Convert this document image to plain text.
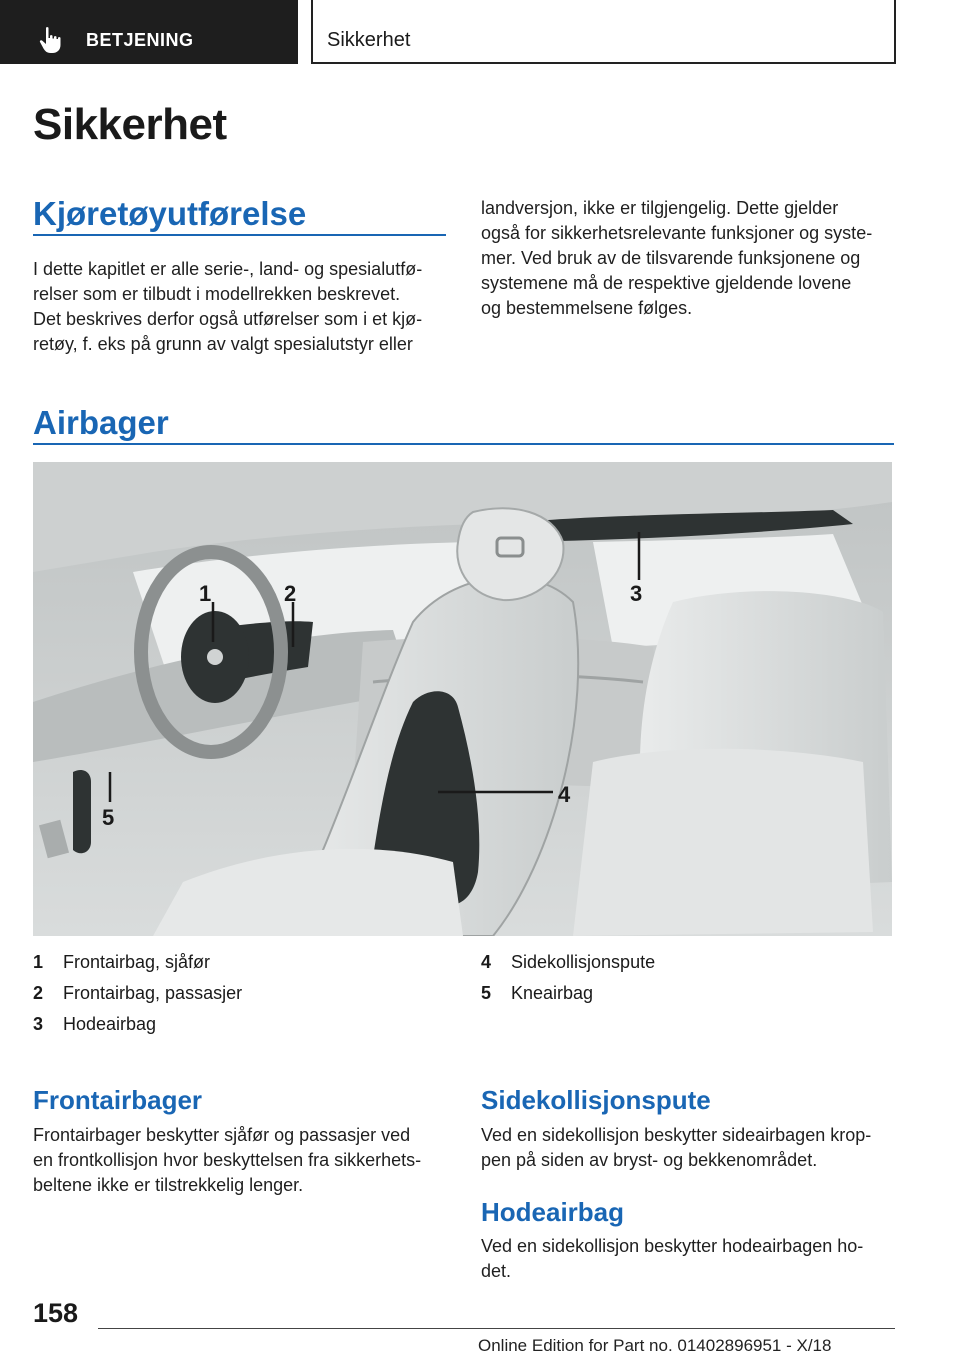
BETJENING	Sikkerhet
Sikkerhet
Kjøretøyutførelse
I dette kapitlet er alle serie-, land- og spesialutfø-
relser som er tilbudt i modellrekken beskrevet.
Det beskrives derfor også utførelser som i et kjø-
retøy, f. eks på grunn av valgt spesialutstyr eller
landversjon, ikke er tilgjengelig. Dette gjelder
også for sikkerhetsrelevante funksjoner og syste-
mer. Ved bruk av de tilsvarende funksjonene og
systemene må de respektive gjeldende lovene
og bestemmelsene følges.
Airbager
1	2	3
4
5
1	Frontairbag, sjåfør
2	Frontairbag, passasjer
3	Hodeairbag
4	Sidekollisjonspute
5	Kneairbag
Frontairbager
Frontairbager beskytter sjåfør og passasjer ved
en frontkollisjon hvor beskyttelsen fra sikkerhets-
beltene ikke er tilstrekkelig lenger.
Sidekollisjonspute
Ved en sidekollisjon beskytter sideairbagen krop-
pen på siden av bryst- og bekkenområdet.
Hodeairbag
Ved en sidekollisjon beskytter hodeairbagen ho-
det.
158
Online Edition for Part no. 01402896951 - X/18
